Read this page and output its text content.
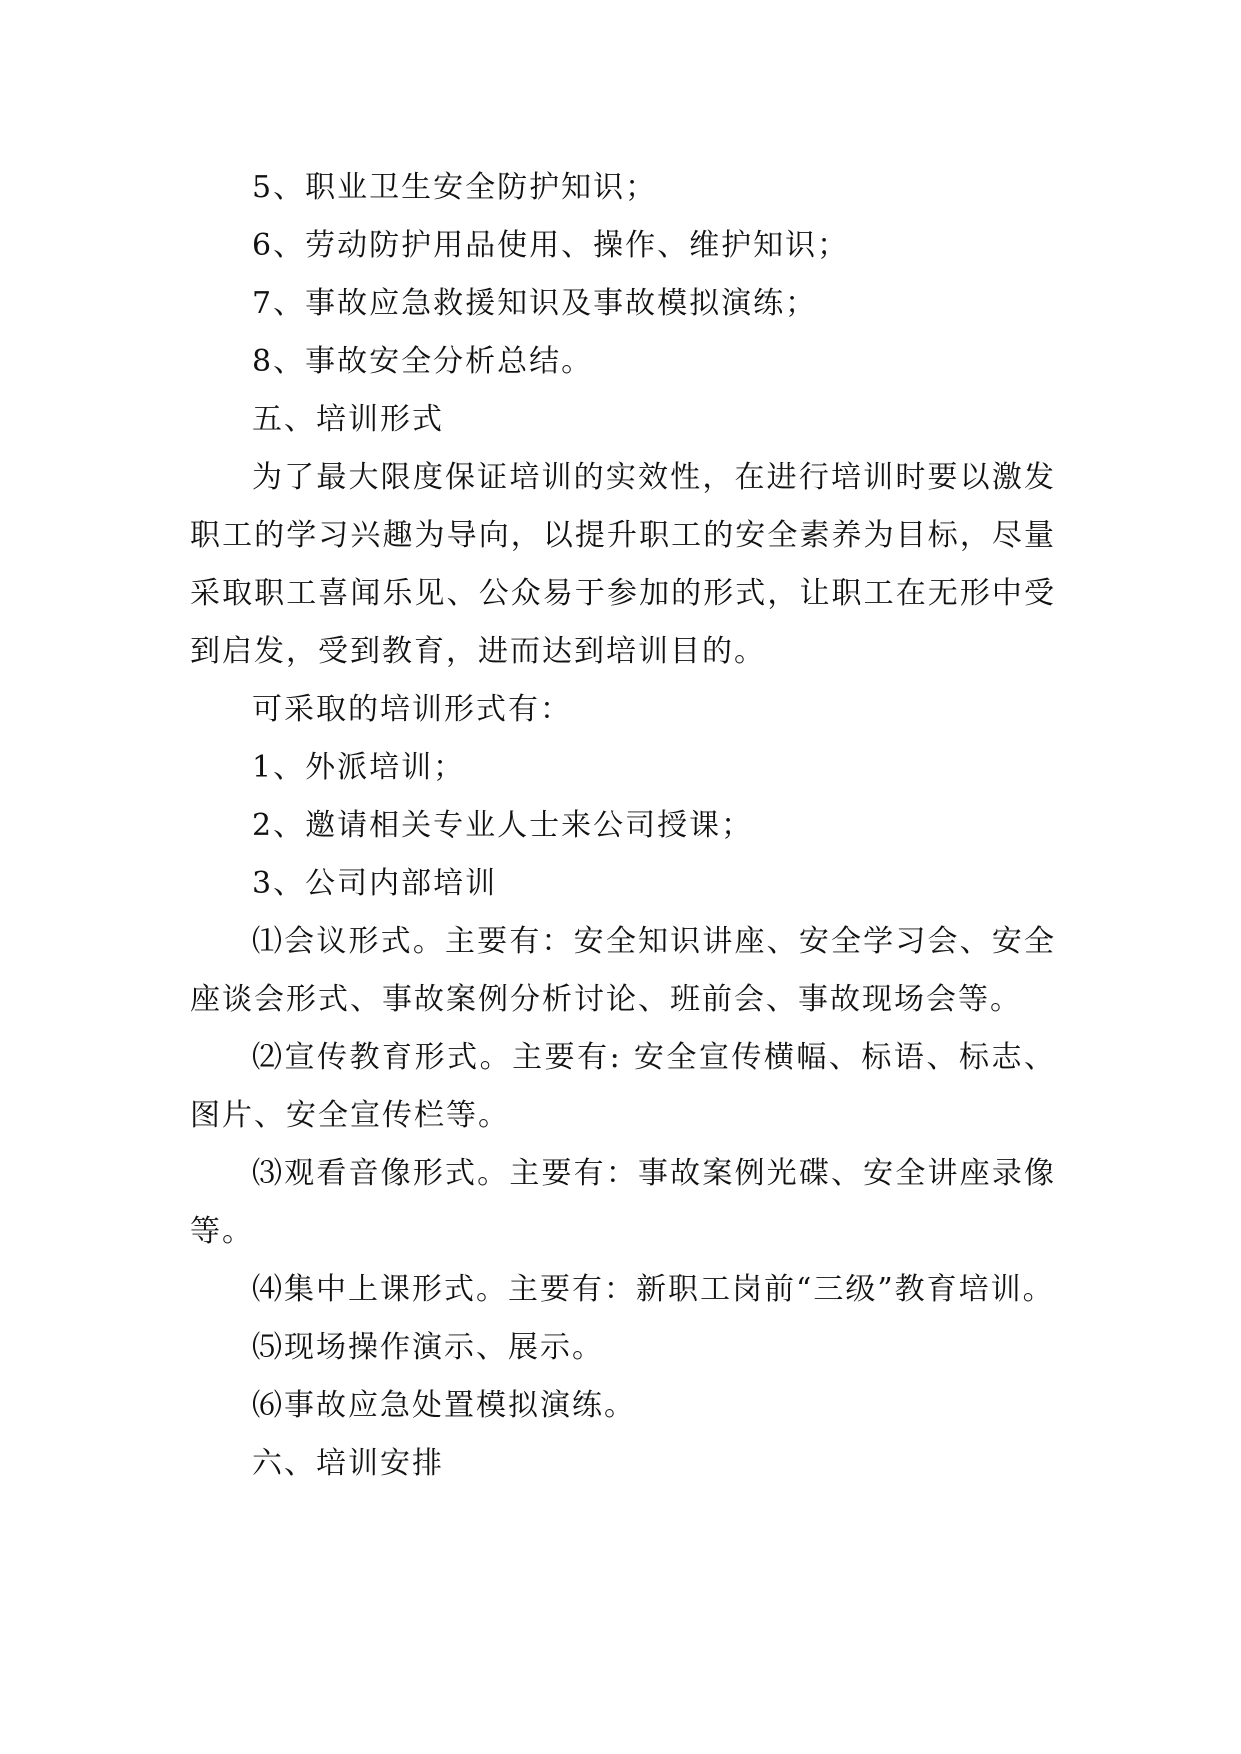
5、职业卫生安全防护知识；
6、劳动防护用品使用、操作、维护知识；
7、事故应急救援知识及事故模拟演练；
8、事故安全分析总结。
五、培训形式
为了最大限度保证培训的实效性，在进行培训时要以激发职工的学习兴趣为导向，以提升职工的安全素养为目标，尽量采取职工喜闻乐见、公众易于参加的形式，让职工在无形中受到启发，受到教育，进而达到培训目的。
可采取的培训形式有：
1、外派培训；
2、邀请相关专业人士来公司授课；
3、公司内部培训
⑴会议形式。主要有：安全知识讲座、安全学习会、安全座谈会形式、事故案例分析讨论、班前会、事故现场会等。
⑵宣传教育形式。主要有: 安全宣传横幅、标语、标志、图片、安全宣传栏等。
⑶观看音像形式。主要有：事故案例光碟、安全讲座录像等。
⑷集中上课形式。主要有：新职工岗前“三级”教育培训。
⑸现场操作演示、展示。
⑹事故应急处置模拟演练。
六、培训安排
